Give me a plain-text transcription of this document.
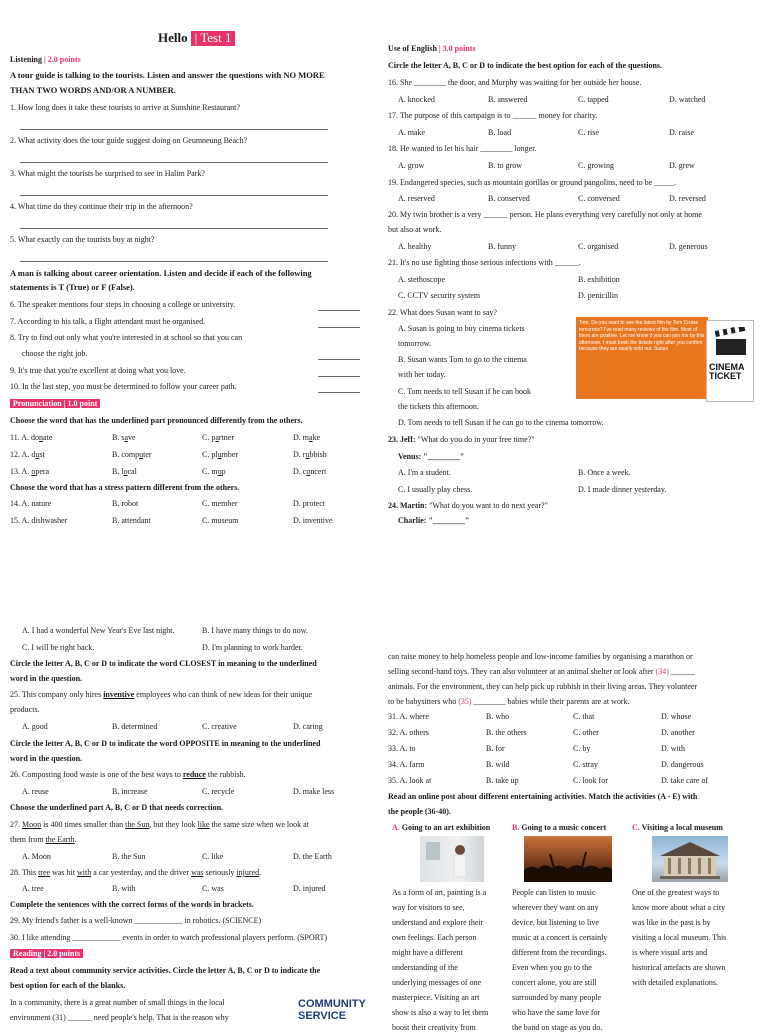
Hello | Test 1
Listening | 2.0 points
A tour guide is talking to the tourists. Listen and answer the questions with NO MORE
THAN TWO WORDS AND/OR A NUMBER.
1. How long does it take these tourists to arrive at Sunshine Restaurant?
2. What activity does the tour guide suggest doing on Geumneung Beach?
3. What might the tourists be surprised to see in Halim Park?
4. What time do they continue their trip in the afternoon?
5. What exactly can the tourists buy at night?
A man is talking about career orientation. Listen and decide if each of the following
statements is T (True) or F (False).
6. The speaker mentions four steps in choosing a college or university.
7. According to his talk, a flight attendant must be organised.
8. Try to find out only what you're interested in at school so that you can
choose the right job.
9. It's true that you're excellent at doing what you love.
10. In the last step, you must be determined to follow your career path.
Pronunciation | 1.0 point
Choose the word that has the underlined part pronounced differently from the others.
11. A. donate	B. save	C. partner	D. make
12. A. dust	B. computer	C. plumber	D. rubbish
13. A. opera	B. local	C. mop	D. concert
Choose the word that has a stress pattern different from the others.
14. A. nature	B. robot	C. member	D. protect
15. A. dishwasher	B. attendant	C. museum	D. inventive
Use of English | 3.0 points
Circle the letter A, B, C or D to indicate the best option for each of the questions.
16. She ________ the door, and Murphy was waiting for her outside her house.
A. knocked	B. answered	C. tapped	D. watched
17. The purpose of this campaign is to ______ money for charity.
A. make	B. load	C. rise	D. raise
18. He wanted to let his hair ________ longer.
A. grow	B. to grow	C. growing	D. grew
19. Endangered species, such as mountain gorillas or ground pangolins, need to be _____.
A. reserved	B. conserved	C. conversed	D. reversed
20. My twin brother is a very ______ person. He plans everything very carefully not only at home
but also at work.
A. healthy	B. funny	C. organised	D. generous
21. It's no use fighting those serious infections with ______.
A. stethoscope	B. exhibition
C. CCTV security system	D. penicillin
22. What does Susan want to say?
A. Susan is going to buy cinema tickets
tomorrow.
B. Susan wants Tom to go to the cinema
with her today.
C. Tom needs to tell Susan if he can book
the tickets this afternoon.
D. Tom needs to tell Susan if he can go to the cinema tomorrow.
Tom, Do you want to see the latest film by Tom Cruise tomorrow? I've read many reviews of the film. Most of them are positive. Let me know if you can join me by this afternoon. I must book the tickets right after you confirm because they are nearly sold out. Susan
CINEMA TICKET
23. Jeff: "What do you do in your free time?"
Venus: "________"
A. I'm a student.	B. Once a week.
C. I usually play chess.	D. I made dinner yesterday.
24. Martin: "What do you want to do next year?"
Charlie: "________"
A. I had a wonderful New Year's Eve last night.	B. I have many things to do now.
C. I will be right back.	D. I'm planning to work harder.
Circle the letter A, B, C or D to indicate the word CLOSEST in meaning to the underlined
word in the question.
25. This company only hires inventive employees who can think of new ideas for their unique
products.
A. good	B. determined	C. creative	D. caring
Circle the letter A, B, C or D to indicate the word OPPOSITE in meaning to the underlined
word in the question.
26. Composting food waste is one of the best ways to reduce the rubbish.
A. reuse	B. increase	C. recycle	D. make less
Choose the underlined part A, B, C or D that needs correction.
27. Moon is 400 times smaller than the Sun, but they look like the same size when we look at
them from the Earth.
A. Moon	B. the Sun	C. like	D. the Earth
28. This tree was hit with a car yesterday, and the driver was seriously injured.
A. tree	B. with	C. was	D. injured
Complete the sentences with the correct forms of the words in brackets.
29. My friend's father is a well-known ____________ in robotics. (SCIENCE)
30. I like attending ____________ events in order to watch professional players perform. (SPORT)
Reading | 2.0 points
Read a text about community service activities. Circle the letter A, B, C or D to indicate the
best option for each of the blanks.
In a community, there is a great number of small things in the local
environment (31) ______ need people's help. That is the reason why
COMMUNITY
SERVICE
can raise money to help homeless people and low-income families by organising a marathon or
selling second-hand toys. They can also volunteer at an animal shelter or look after (34) ______
animals. For the environment, they can help pick up rubbish in their living areas. They volunteer
to be babysitters who (35) ________ babies while their parents are at work.
31. A. where	B. who	C. that	D. whose
32. A. others	B. the others	C. other	D. another
33. A. to	B. for	C. by	D. with
34. A. farm	B. wild	C. stray	D. dangerous
35. A. look at	B. take up	C. look for	D. take care of
Read an online post about different entertaining activities. Match the activities (A - E) with
the people (36-40).
A. Going to an art exhibition	B. Going to a music concert	C. Visiting a local museum
As a form of art, painting is a
way for visitors to see,
understand and explore their
own feelings. Each person
might have a different
understanding of the
underlying messages of one
masterpiece. Visiting an art
show is also a way to let them
boost their creativity from
People can listen to music
wherever they want on any
device, but listening to live
music at a concert is certainly
different from the recordings.
Even when you go to the
concert alone, you are still
surrounded by many people
who have the same love for
the band on stage as you do.
One of the greatest ways to
know more about what a city
was like in the past is by
visiting a local museum. This
is where visual arts and
historical artefacts are shown
with detailed explanations.
